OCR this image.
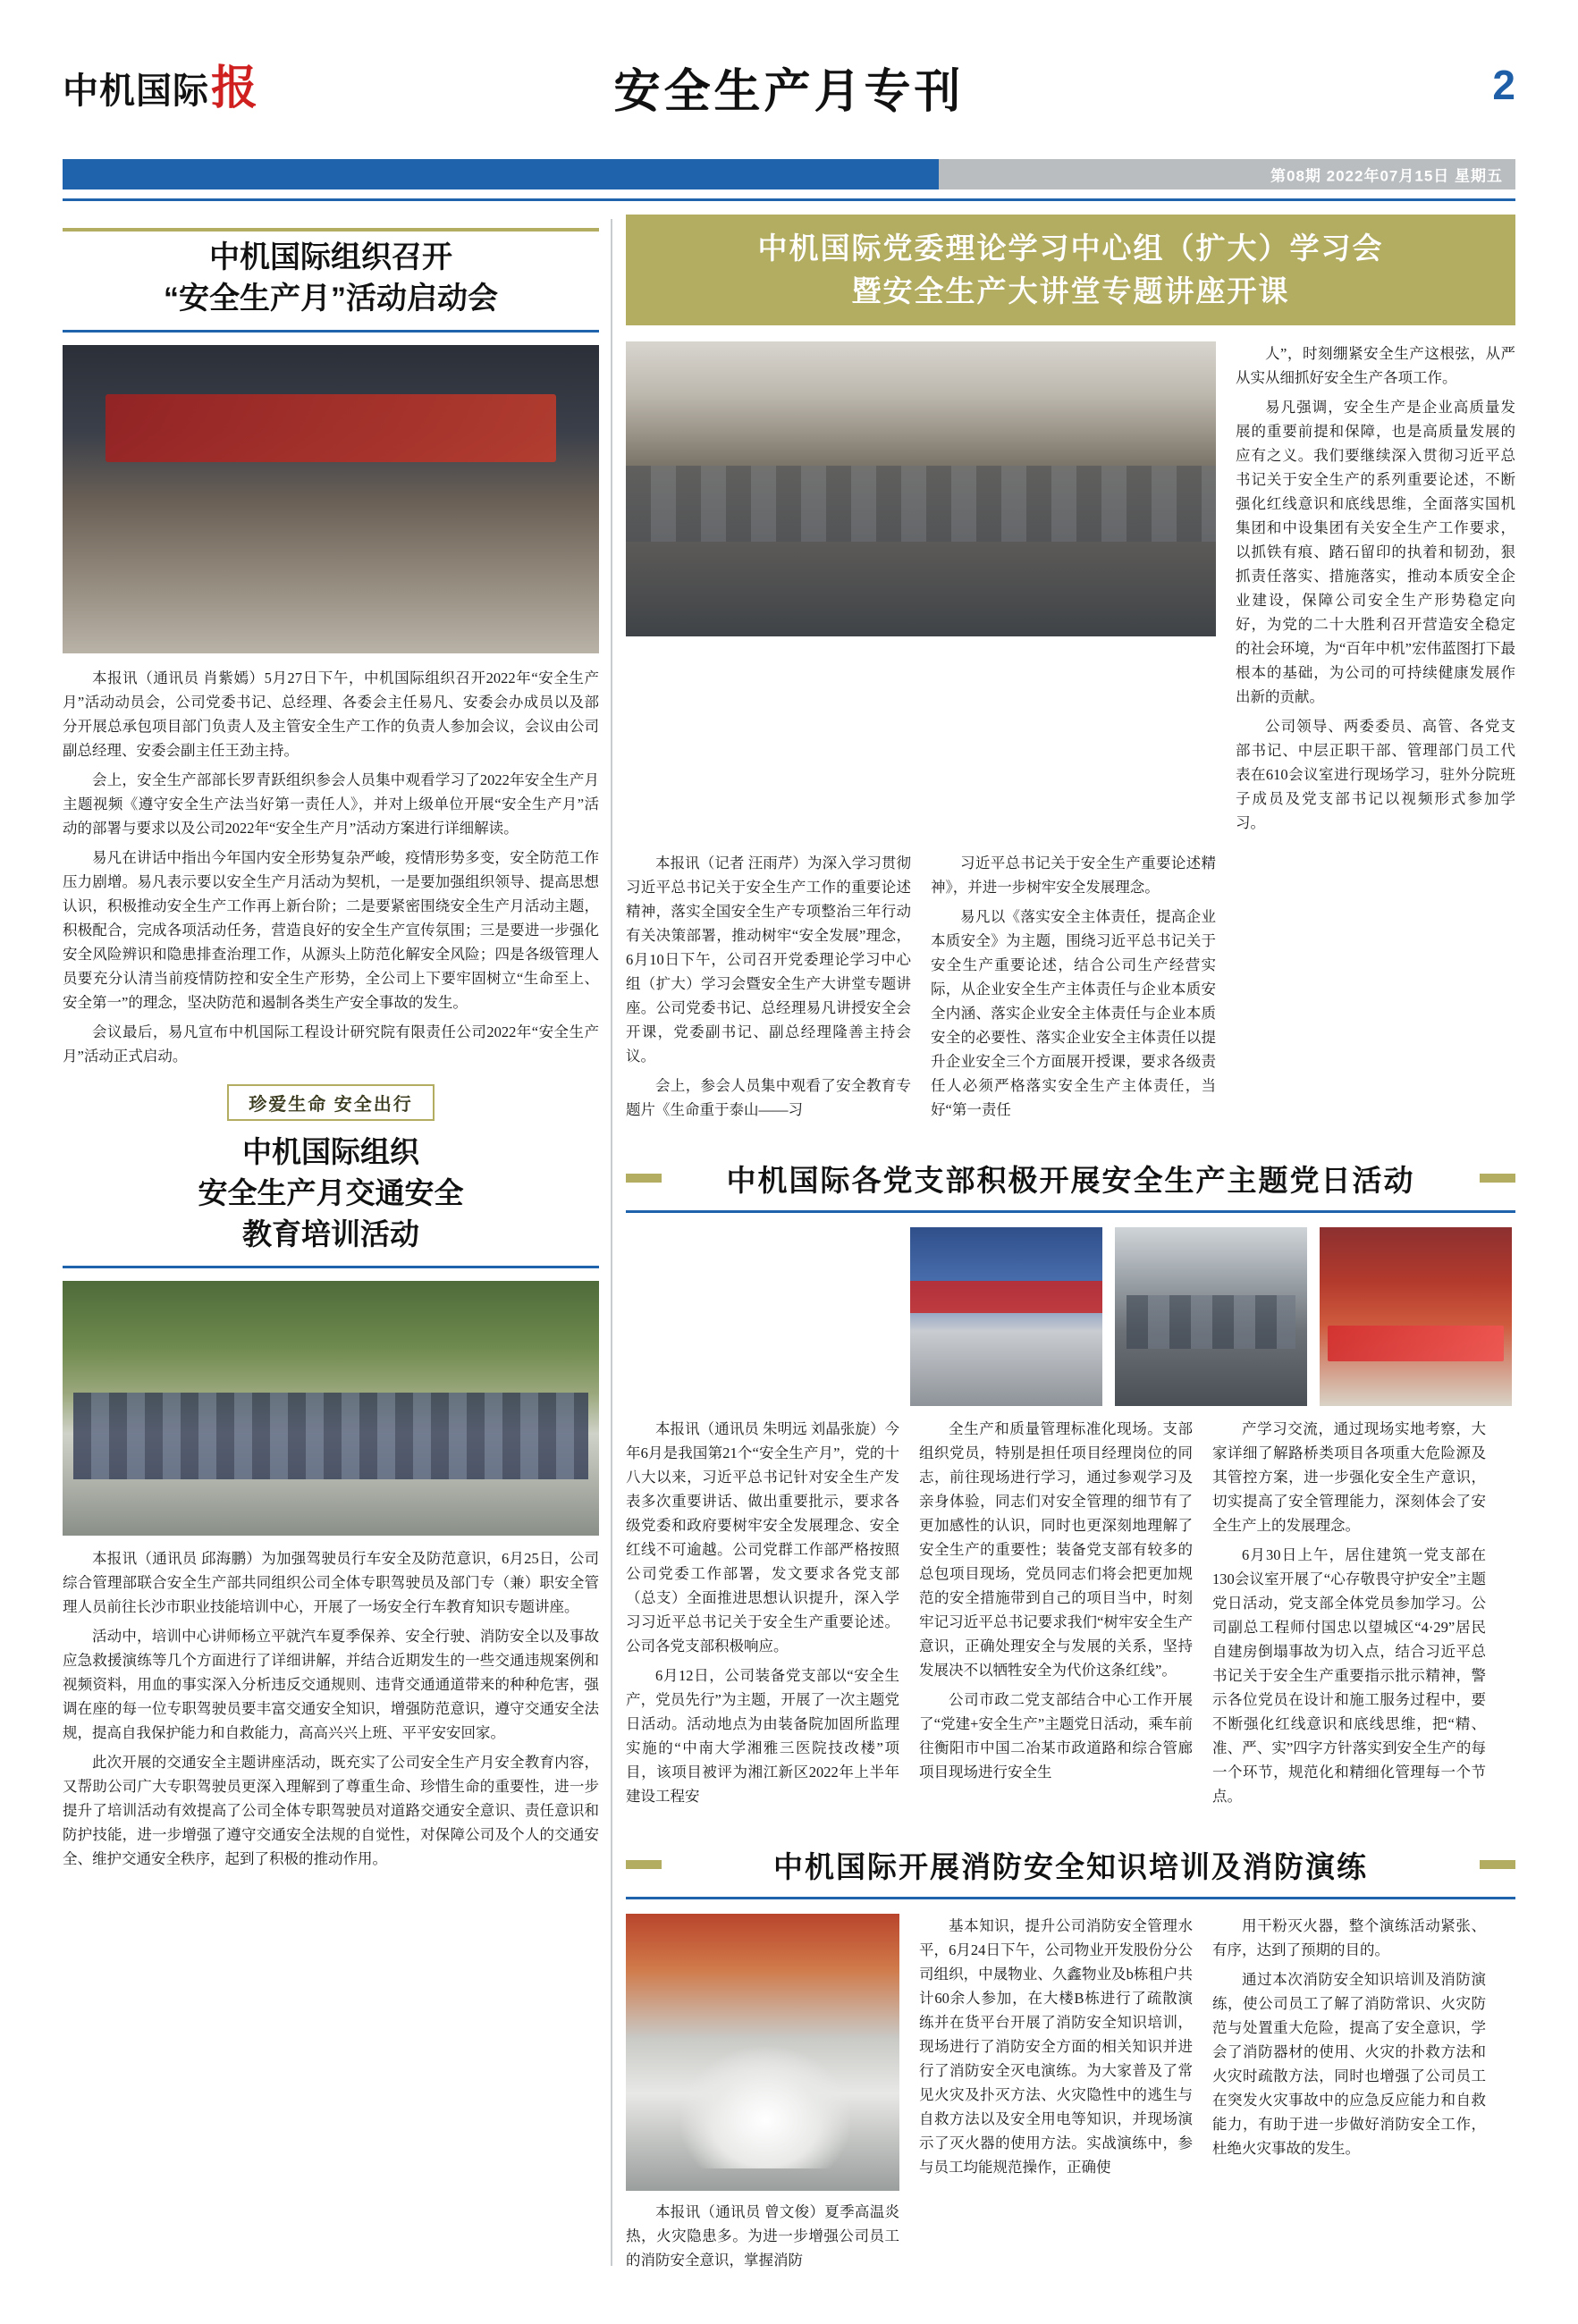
中机国际 报	安全生产月专刊	2
第08期 2022年07月15日 星期五
中机国际组织召开
“安全生产月”活动启动会

本报讯（通讯员 肖紫嫣）5月27日下午，中机国际组织召开2022年“安全生产月”活动动员会，公司党委书记、总经理、各委会主任易凡、安委会办成员以及部分开展总承包项目部门负责人及主管安全生产工作的负责人参加会议，会议由公司副总经理、安委会副主任王劲主持。

会上，安全生产部部长罗青跃组织参会人员集中观看学习了2022年安全生产月主题视频《遵守安全生产法当好第一责任人》，并对上级单位开展“安全生产月”活动的部署与要求以及公司2022年“安全生产月”活动方案进行详细解读。

易凡在讲话中指出今年国内安全形势复杂严峻，疫情形势多变，安全防范工作压力剧增。易凡表示要以安全生产月活动为契机，一是要加强组织领导、提高思想认识，积极推动安全生产工作再上新台阶；二是要紧密围绕安全生产月活动主题，积极配合，完成各项活动任务，营造良好的安全生产宣传氛围；三是要进一步强化安全风险辨识和隐患排查治理工作，从源头上防范化解安全风险；四是各级管理人员要充分认清当前疫情防控和安全生产形势，全公司上下要牢固树立“生命至上、安全第一”的理念，坚决防范和遏制各类生产安全事故的发生。

会议最后，易凡宣布中机国际工程设计研究院有限责任公司2022年“安全生产月”活动正式启动。

珍爱生命 安全出行
中机国际组织
安全生产月交通安全
教育培训活动

本报讯（通讯员 邱海鹏）为加强驾驶员行车安全及防范意识，6月25日，公司综合管理部联合安全生产部共同组织公司全体专职驾驶员及部门专（兼）职安全管理人员前往长沙市职业技能培训中心，开展了一场安全行车教育知识专题讲座。

活动中，培训中心讲师杨立平就汽车夏季保养、安全行驶、消防安全以及事故应急救援演练等几个方面进行了详细讲解，并结合近期发生的一些交通违规案例和视频资料，用血的事实深入分析违反交通规则、违背交通通道带来的种种危害，强调在座的每一位专职驾驶员要丰富交通安全知识，增强防范意识，遵守交通安全法规，提高自我保护能力和自救能力，高高兴兴上班、平平安安回家。

此次开展的交通安全主题讲座活动，既充实了公司安全生产月安全教育内容，又帮助公司广大专职驾驶员更深入理解到了尊重生命、珍惜生命的重要性，进一步提升了培训活动有效提高了公司全体专职驾驶员对道路交通安全意识、责任意识和防护技能，进一步增强了遵守交通安全法规的自觉性，对保障公司及个人的交通安全、维护交通安全秩序，起到了积极的推动作用。

中机国际党委理论学习中心组（扩大）学习会
暨安全生产大讲堂专题讲座开课

人”，时刻绷紧安全生产这根弦，从严从实从细抓好安全生产各项工作。

易凡强调，安全生产是企业高质量发展的重要前提和保障，也是高质量发展的应有之义。我们要继续深入贯彻习近平总书记关于安全生产的系列重要论述，不断强化红线意识和底线思维，全面落实国机集团和中设集团有关安全生产工作要求，以抓铁有痕、踏石留印的执着和韧劲，狠抓责任落实、措施落实，推动本质安全企业建设，保障公司安全生产形势稳定向好，为党的二十大胜利召开营造安全稳定的社会环境，为“百年中机”宏伟蓝图打下最根本的基础，为公司的可持续健康发展作出新的贡献。

公司领导、两委委员、高管、各党支部书记、中层正职干部、管理部门员工代表在610会议室进行现场学习，驻外分院班子成员及党支部书记以视频形式参加学习。

本报讯（记者 汪雨芹）为深入学习贯彻习近平总书记关于安全生产工作的重要论述精神，落实全国安全生产专项整治三年行动有关决策部署，推动树牢“安全发展”理念，6月10日下午，公司召开党委理论学习中心组（扩大）学习会暨安全生产大讲堂专题讲座。公司党委书记、总经理易凡讲授安全会开课，党委副书记、副总经理隆善主持会议。

会上，参会人员集中观看了安全教育专题片《生命重于泰山——习

习近平总书记关于安全生产重要论述精神》，并进一步树牢安全发展理念。

易凡以《落实安全主体责任，提高企业本质安全》为主题，围绕习近平总书记关于安全生产重要论述，结合公司生产经营实际，从企业安全生产主体责任与企业本质安全内涵、落实企业安全主体责任与企业本质安全的必要性、落实企业安全主体责任以提升企业安全三个方面展开授课，要求各级责任人必须严格落实安全生产主体责任，当好“第一责任

中机国际各党支部积极开展安全生产主题党日活动

本报讯（通讯员 朱明远 刘晶张旋）今年6月是我国第21个“安全生产月”，党的十八大以来，习近平总书记针对安全生产发表多次重要讲话、做出重要批示，要求各级党委和政府要树牢安全发展理念、安全红线不可逾越。公司党群工作部严格按照公司党委工作部署，发文要求各党支部（总支）全面推进思想认识提升，深入学习习近平总书记关于安全生产重要论述。公司各党支部积极响应。

6月12日，公司装备党支部以“安全生产，党员先行”为主题，开展了一次主题党日活动。活动地点为由装备院加固所监理实施的“中南大学湘雅三医院技改楼”项目，该项目被评为湘江新区2022年上半年建设工程安

全生产和质量管理标准化现场。支部组织党员，特别是担任项目经理岗位的同志，前往现场进行学习，通过参观学习及亲身体验，同志们对安全管理的细节有了更加感性的认识，同时也更深刻地理解了安全生产的重要性；装备党支部有较多的总包项目现场，党员同志们将会把更加规范的安全措施带到自己的项目当中，时刻牢记习近平总书记要求我们“树牢安全生产意识，正确处理安全与发展的关系，坚持发展决不以牺牲安全为代价这条红线”。

公司市政二党支部结合中心工作开展了“党建+安全生产”主题党日活动，乘车前往衡阳市中国二冶某市政道路和综合管廊项目现场进行安全生

产学习交流，通过现场实地考察，大家详细了解路桥类项目各项重大危险源及其管控方案，进一步强化安全生产意识，切实提高了安全管理能力，深刻体会了安全生产上的发展理念。

6月30日上午，居住建筑一党支部在130会议室开展了“心存敬畏守护安全”主题党日活动，党支部全体党员参加学习。公司副总工程师付国忠以望城区“4·29”居民自建房倒塌事故为切入点，结合习近平总书记关于安全生产重要指示批示精神，警示各位党员在设计和施工服务过程中，要不断强化红线意识和底线思维，把“精、准、严、实”四字方针落实到安全生产的每一个环节，规范化和精细化管理每一个节点。

中机国际开展消防安全知识培训及消防演练

本报讯（通讯员 曾文俊）夏季高温炎热，火灾隐患多。为进一步增强公司员工的消防安全意识，掌握消防

基本知识，提升公司消防安全管理水平，6月24日下午，公司物业开发股份分公司组织，中晟物业、久鑫物业及b栋租户共计60余人参加，在大楼B栋进行了疏散演练并在货平台开展了消防安全知识培训，现场进行了消防安全方面的相关知识并进行了消防安全灭电演练。为大家普及了常见火灾及扑灭方法、火灾隐性中的逃生与自救方法以及安全用电等知识，并现场演示了灭火器的使用方法。实战演练中，参与员工均能规范操作，正确使

用干粉灭火器，整个演练活动紧张、有序，达到了预期的目的。

通过本次消防安全知识培训及消防演练，使公司员工了解了消防常识、火灾防范与处置重大危险，提高了安全意识，学会了消防器材的使用、火灾的扑救方法和火灾时疏散方法，同时也增强了公司员工在突发火灾事故中的应急反应能力和自救能力，有助于进一步做好消防安全工作，杜绝火灾事故的发生。
